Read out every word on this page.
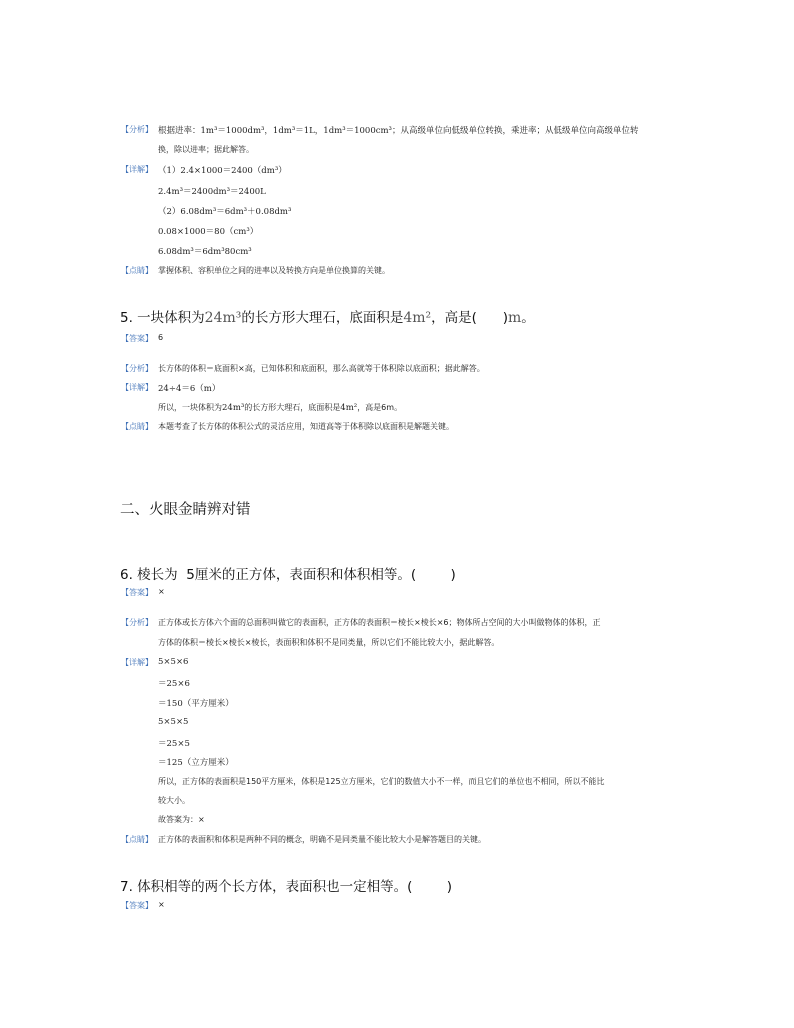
​
【分析】 根据进率：1m³＝1000dm³，1dm³＝1L，1dm³＝1000cm³；从高级单位向低级单位转换，乘进率；从低级单位向高级单位转
换，除以进率；据此解答。
【详解】 （1）2.4×1000＝2400（dm³）
2.4m³＝2400dm³＝2400L
（2）6.08dm³＝6dm³＋0.08dm³
0.08×1000＝80（cm³）
6.08dm³＝6dm³80cm³
【点睛】 掌握体积、容积单位之间的进率以及转换方向是单位换算的关键。
5. 一块体积为24m³的长方形大理石，底面积是4m²，高是( )m。
【答案】 6
【分析】 长方体的体积＝底面积×高，已知体积和底面积，那么高就等于体积除以底面积；据此解答。
【详解】 24÷4＝6（m）
所以，一块体积为24m³的长方形大理石，底面积是4m²，高是6m。
【点睛】 本题考查了长方体的体积公式的灵活应用，知道高等于体积除以底面积是解题关键。
二、火眼金睛辨对错
6. 棱长为  5厘米的正方体，表面积和体积相等。(        )
【答案】 ×
【分析】 正方体或长方体六个面的总面积叫做它的表面积，正方体的表面积＝棱长×棱长×6；物体所占空间的大小叫做物体的体积，正
方体的体积＝棱长×棱长×棱长，表面积和体积不是同类量，所以它们不能比较大小，据此解答。
【详解】 5×5×6
＝25×6
＝150（平方厘米）
5×5×5
＝25×5
＝125（立方厘米）
所以，正方体的表面积是150平方厘米，体积是125立方厘米，它们的数值大小不一样，而且它们的单位也不相同，所以不能比
较大小。
故答案为：×
【点睛】 正方体的表面积和体积是两种不同的概念，明确不是同类量不能比较大小是解答题目的关键。
7. 体积相等的两个长方体，表面积也一定相等。(        )
【答案】 ×
